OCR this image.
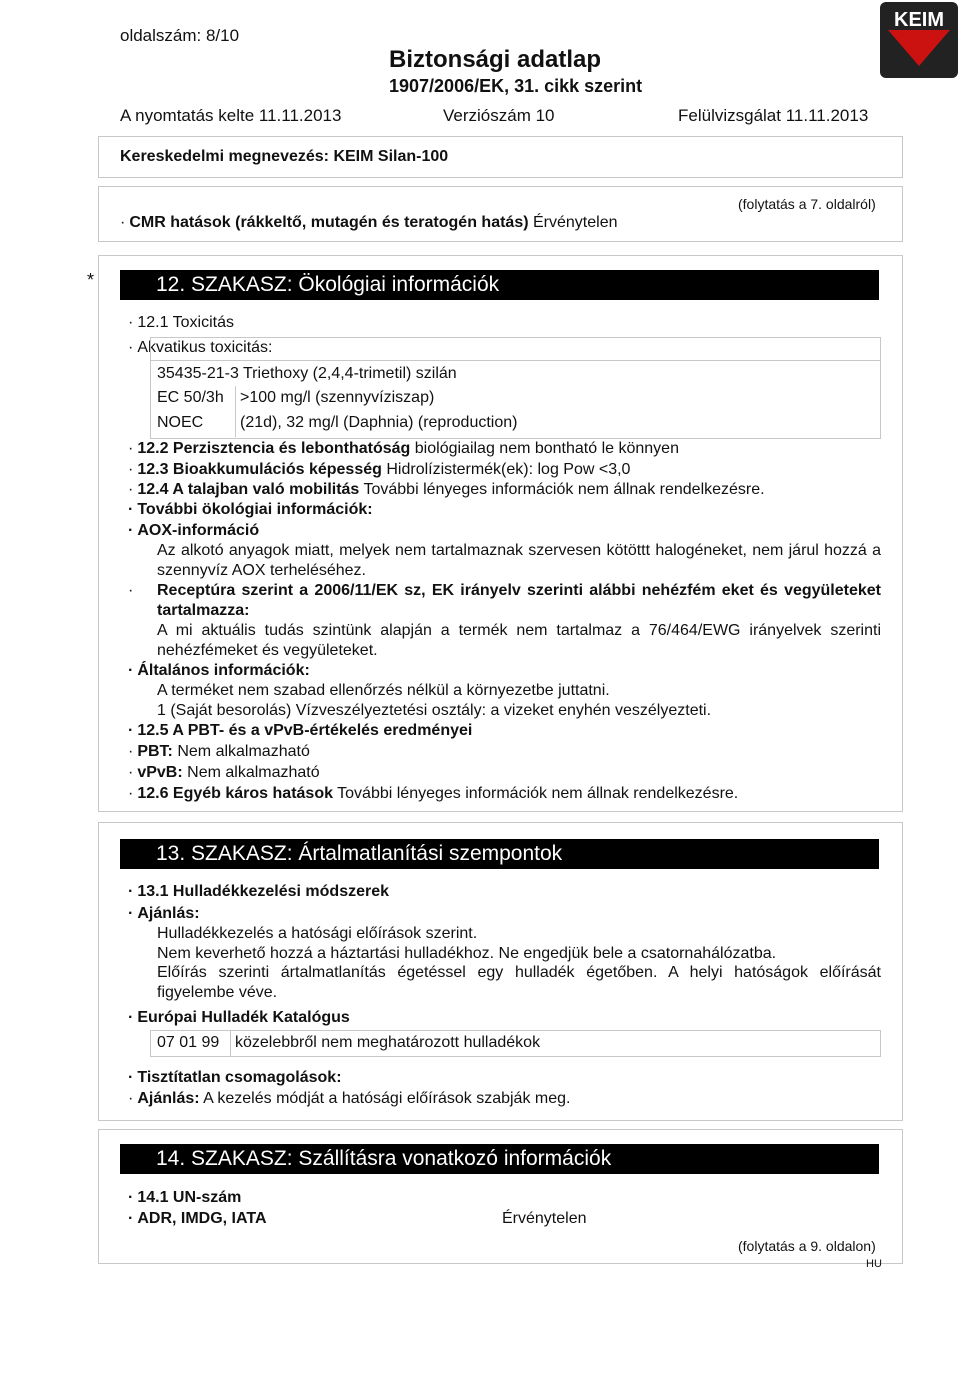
oldalszám: 8/10
Biztonsági adatlap
1907/2006/EK, 31. cikk szerint
KEIM
A nyomtatás kelte 11.11.2013	Verziószám 10	Felülvizsgálat 11.11.2013
Kereskedelmi megnevezés: KEIM Silan-100
(folytatás a 7. oldalról)
· CMR hatások (rákkeltő, mutagén és teratogén hatás) Érvénytelen
*	12. SZAKASZ: Ökológiai információk
· 12.1 Toxicitás
· Akvatikus toxicitás:
35435-21-3 Triethoxy (2,4,4-trimetil) szilán
EC 50/3h >100 mg/l (szennyvíziszap)
NOEC (21d), 32 mg/l (Daphnia) (reproduction)
· 12.2 Perzisztencia és lebonthatóság biológiailag nem bontható le könnyen
· 12.3 Bioakkumulációs képesség Hidrolízistermék(ek): log Pow <3,0
· 12.4 A talajban való mobilitás További lényeges információk nem állnak rendelkezésre.
· További ökológiai információk:
· AOX-információ
Az alkotó anyagok miatt, melyek nem tartalmaznak szervesen kötöttt halogéneket, nem járul hozzá a szennyvíz AOX terheléséhez.
· Receptúra szerint a 2006/11/EK sz, EK irányelv szerinti alábbi nehézfém eket és vegyületeket tartalmazza:
A mi aktuális tudás szintünk alapján a termék nem tartalmaz a 76/464/EWG irányelvek szerinti nehézfémeket és vegyületeket.
· Általános információk:
A terméket nem szabad ellenőrzés nélkül a környezetbe juttatni.
1 (Saját besorolás) Vízveszélyeztetési osztály: a vizeket enyhén veszélyezteti.
· 12.5 A PBT- és a vPvB-értékelés eredményei
· PBT: Nem alkalmazható
· vPvB: Nem alkalmazható
· 12.6 Egyéb káros hatások További lényeges információk nem állnak rendelkezésre.
13. SZAKASZ: Ártalmatlanítási szempontok
· 13.1 Hulladékkezelési módszerek
· Ajánlás:
Hulladékkezelés a hatósági előírások szerint.
Nem keverhető hozzá a háztartási hulladékhoz. Ne engedjük bele a csatornahálózatba.
Előírás szerinti ártalmatlanítás égetéssel egy hulladék égetőben. A helyi hatóságok előírását figyelembe véve.
· Európai Hulladék Katalógus
07 01 99 közelebbről nem meghatározott hulladékok
· Tisztítatlan csomagolások:
· Ajánlás: A kezelés módját a hatósági előírások szabják meg.
14. SZAKASZ: Szállításra vonatkozó információk
· 14.1 UN-szám
· ADR, IMDG, IATA	Érvénytelen
(folytatás a 9. oldalon)
HU
